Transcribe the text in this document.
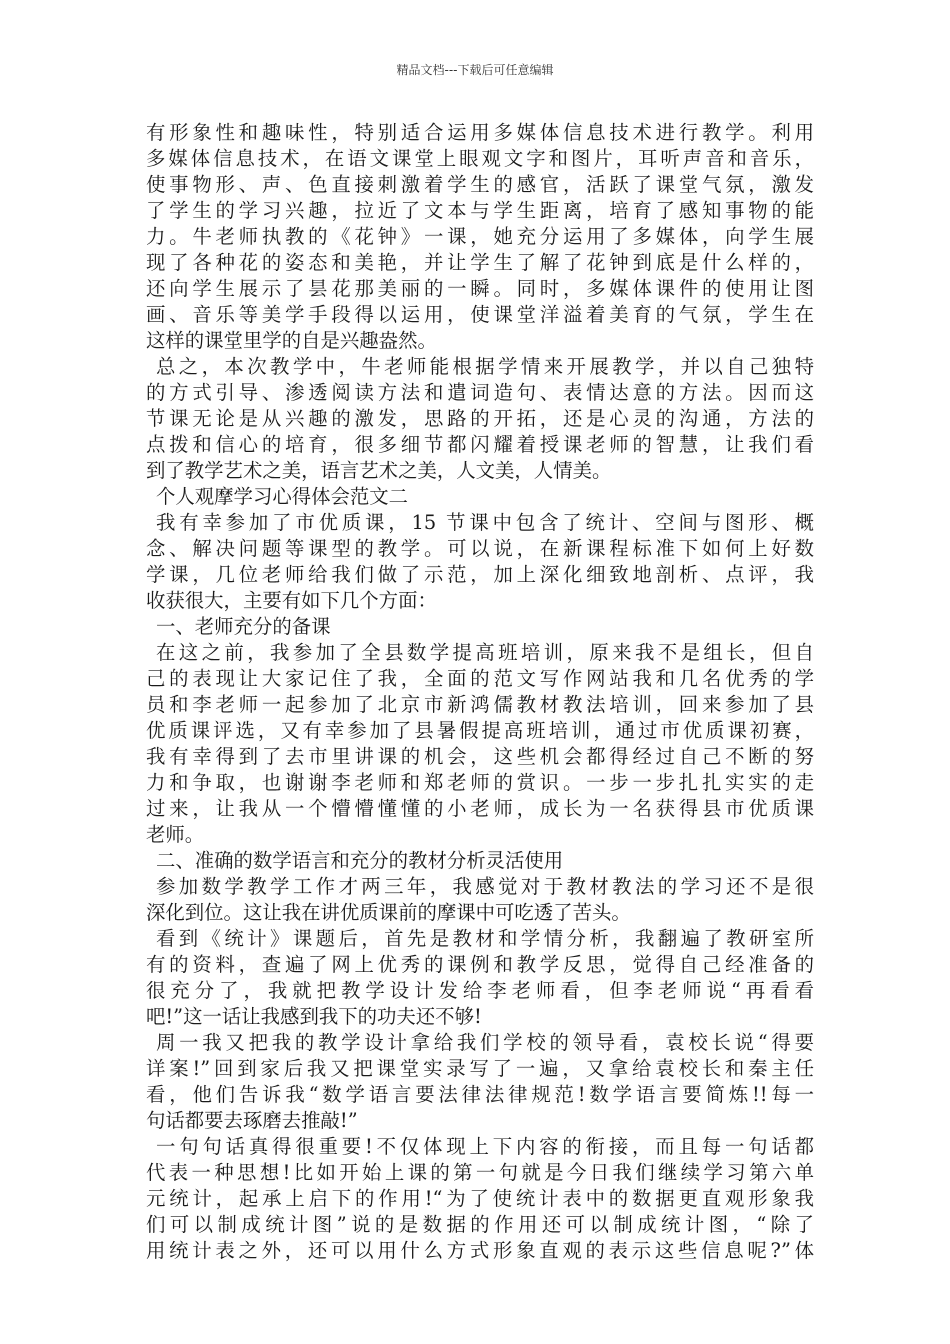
精品文档---下载后可任意编辑
有形象性和趣味性，特别适合运用多媒体信息技术进行教学。利用
多媒体信息技术，在语文课堂上眼观文字和图片，耳听声音和音乐，
使事物形、声、色直接刺激着学生的感官，活跃了课堂气氛，激发
了学生的学习兴趣，拉近了文本与学生距离，培育了感知事物的能
力。牛老师执教的《花钟》一课，她充分运用了多媒体，向学生展
现了各种花的姿态和美艳，并让学生了解了花钟到底是什么样的，
还向学生展示了昙花那美丽的一瞬。同时，多媒体课件的使用让图
画、音乐等美学手段得以运用，使课堂洋溢着美育的气氛，学生在
这样的课堂里学的自是兴趣盎然。
总之，本次教学中，牛老师能根据学情来开展教学，并以自己独特
的方式引导、渗透阅读方法和遣词造句、表情达意的方法。因而这
节课无论是从兴趣的激发，思路的开拓，还是心灵的沟通，方法的
点拨和信心的培育，很多细节都闪耀着授课老师的智慧，让我们看
到了教学艺术之美，语言艺术之美，人文美，人情美。
个人观摩学习心得体会范文二
我有幸参加了市优质课，15 节课中包含了统计、空间与图形、概
念、解决问题等课型的教学。可以说，在新课程标准下如何上好数
学课，几位老师给我们做了示范，加上深化细致地剖析、点评，我
收获很大，主要有如下几个方面：
一、老师充分的备课
在这之前，我参加了全县数学提高班培训，原来我不是组长，但自
己的表现让大家记住了我，全面的范文写作网站我和几名优秀的学
员和李老师一起参加了北京市新鸿儒教材教法培训，回来参加了县
优质课评选，又有幸参加了县暑假提高班培训，通过市优质课初赛，
我有幸得到了去市里讲课的机会，这些机会都得经过自己不断的努
力和争取，也谢谢李老师和郑老师的赏识。一步一步扎扎实实的走
过来，让我从一个懵懵懂懂的小老师，成长为一名获得县市优质课
老师。
二、准确的数学语言和充分的教材分析灵活使用
参加数学教学工作才两三年，我感觉对于教材教法的学习还不是很
深化到位。这让我在讲优质课前的摩课中可吃透了苦头。
看到《统计》课题后，首先是教材和学情分析，我翻遍了教研室所
有的资料，查遍了网上优秀的课例和教学反思，觉得自己经准备的
很充分了，我就把教学设计发给李老师看，但李老师说“再看看
吧!”这一话让我感到我下的功夫还不够!
周一我又把我的教学设计拿给我们学校的领导看，袁校长说“得要
详案!”回到家后我又把课堂实录写了一遍，又拿给袁校长和秦主任
看，他们告诉我“数学语言要法律法律规范!数学语言要简炼!!每一
句话都要去琢磨去推敲!”
一句句话真得很重要!不仅体现上下内容的衔接，而且每一句话都
代表一种思想!比如开始上课的第一句就是今日我们继续学习第六单
元统计，起承上启下的作用!“为了使统计表中的数据更直观形象我
们可以制成统计图”说的是数据的作用还可以制成统计图，“除了
用统计表之外，还可以用什么方式形象直观的表示这些信息呢?”体
